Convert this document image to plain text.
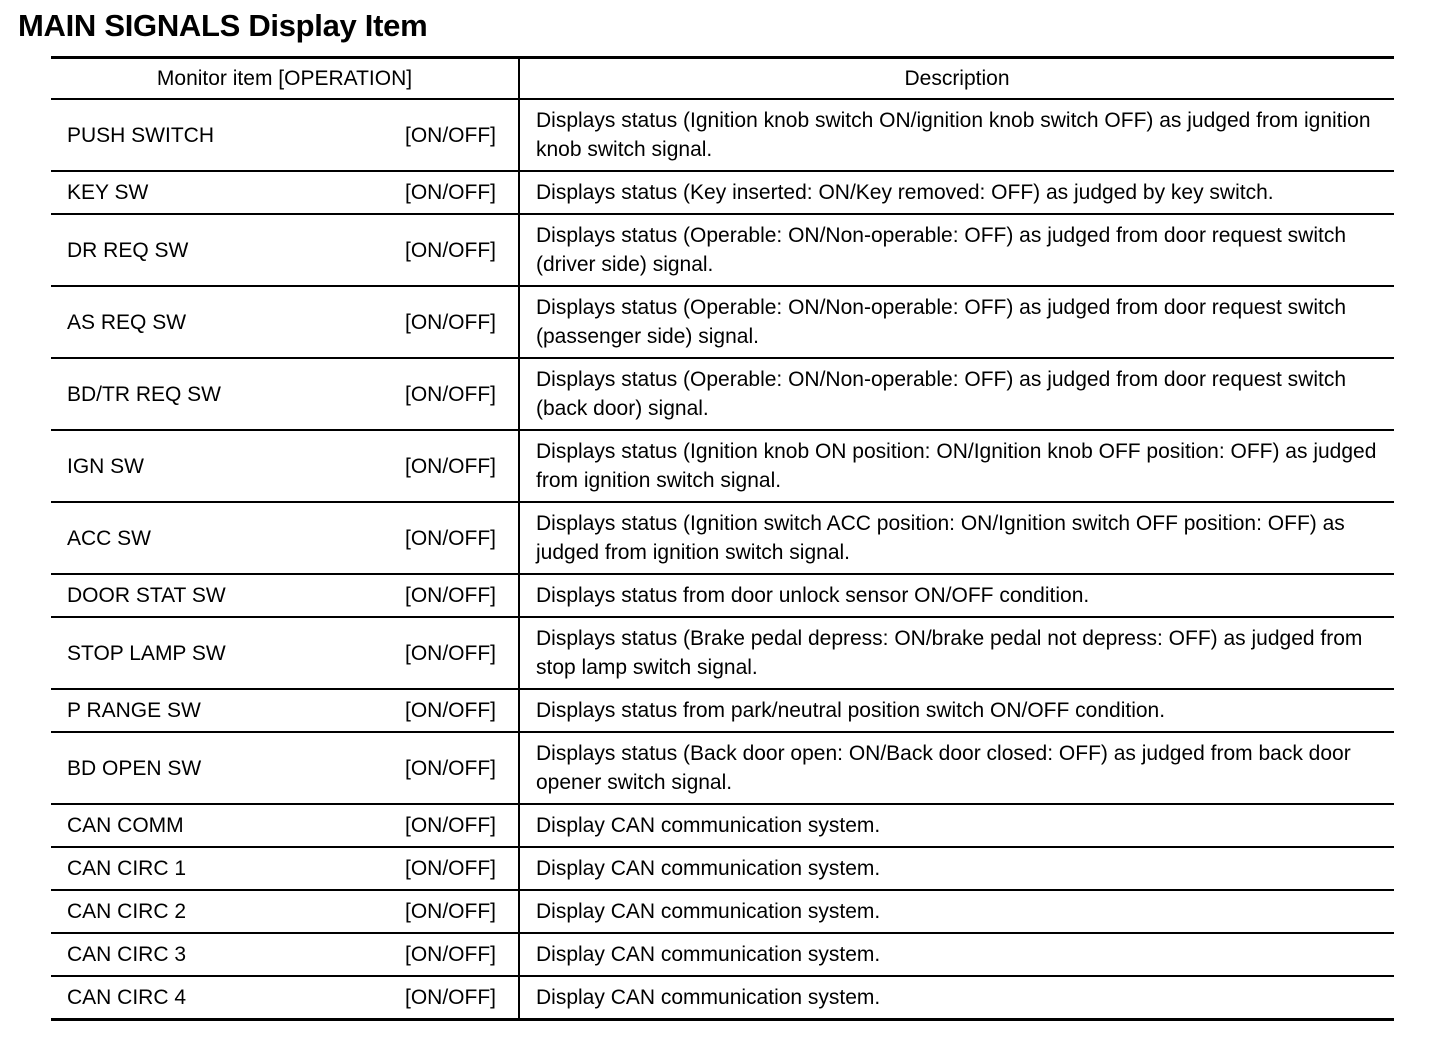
MAIN SIGNALS Display Item
Monitor item [OPERATION]	Description

PUSH SWITCH [ON/OFF]	Displays status (Ignition knob switch ON/ignition knob switch OFF) as judged from ignition knob switch signal.

KEY SW [ON/OFF]	Displays status (Key inserted: ON/Key removed: OFF) as judged by key switch.

DR REQ SW [ON/OFF]	Displays status (Operable: ON/Non-operable: OFF) as judged from door request switch (driver side) signal.

AS REQ SW [ON/OFF]	Displays status (Operable: ON/Non-operable: OFF) as judged from door request switch (passenger side) signal.

BD/TR REQ SW [ON/OFF]	Displays status (Operable: ON/Non-operable: OFF) as judged from door request switch (back door) signal.

IGN SW [ON/OFF]	Displays status (Ignition knob ON position: ON/Ignition knob OFF position: OFF) as judged from ignition switch signal.

ACC SW [ON/OFF]	Displays status (Ignition switch ACC position: ON/Ignition switch OFF position: OFF) as judged from ignition switch signal.

DOOR STAT SW [ON/OFF]	Displays status from door unlock sensor ON/OFF condition.

STOP LAMP SW [ON/OFF]	Displays status (Brake pedal depress: ON/brake pedal not depress: OFF) as judged from stop lamp switch signal.

P RANGE SW [ON/OFF]	Displays status from park/neutral position switch ON/OFF condition.

BD OPEN SW [ON/OFF]	Displays status (Back door open: ON/Back door closed: OFF) as judged from back door opener switch signal.

CAN COMM [ON/OFF]	Display CAN communication system.

CAN CIRC 1 [ON/OFF]	Display CAN communication system.

CAN CIRC 2 [ON/OFF]	Display CAN communication system.

CAN CIRC 3 [ON/OFF]	Display CAN communication system.

CAN CIRC 4 [ON/OFF]	Display CAN communication system.
